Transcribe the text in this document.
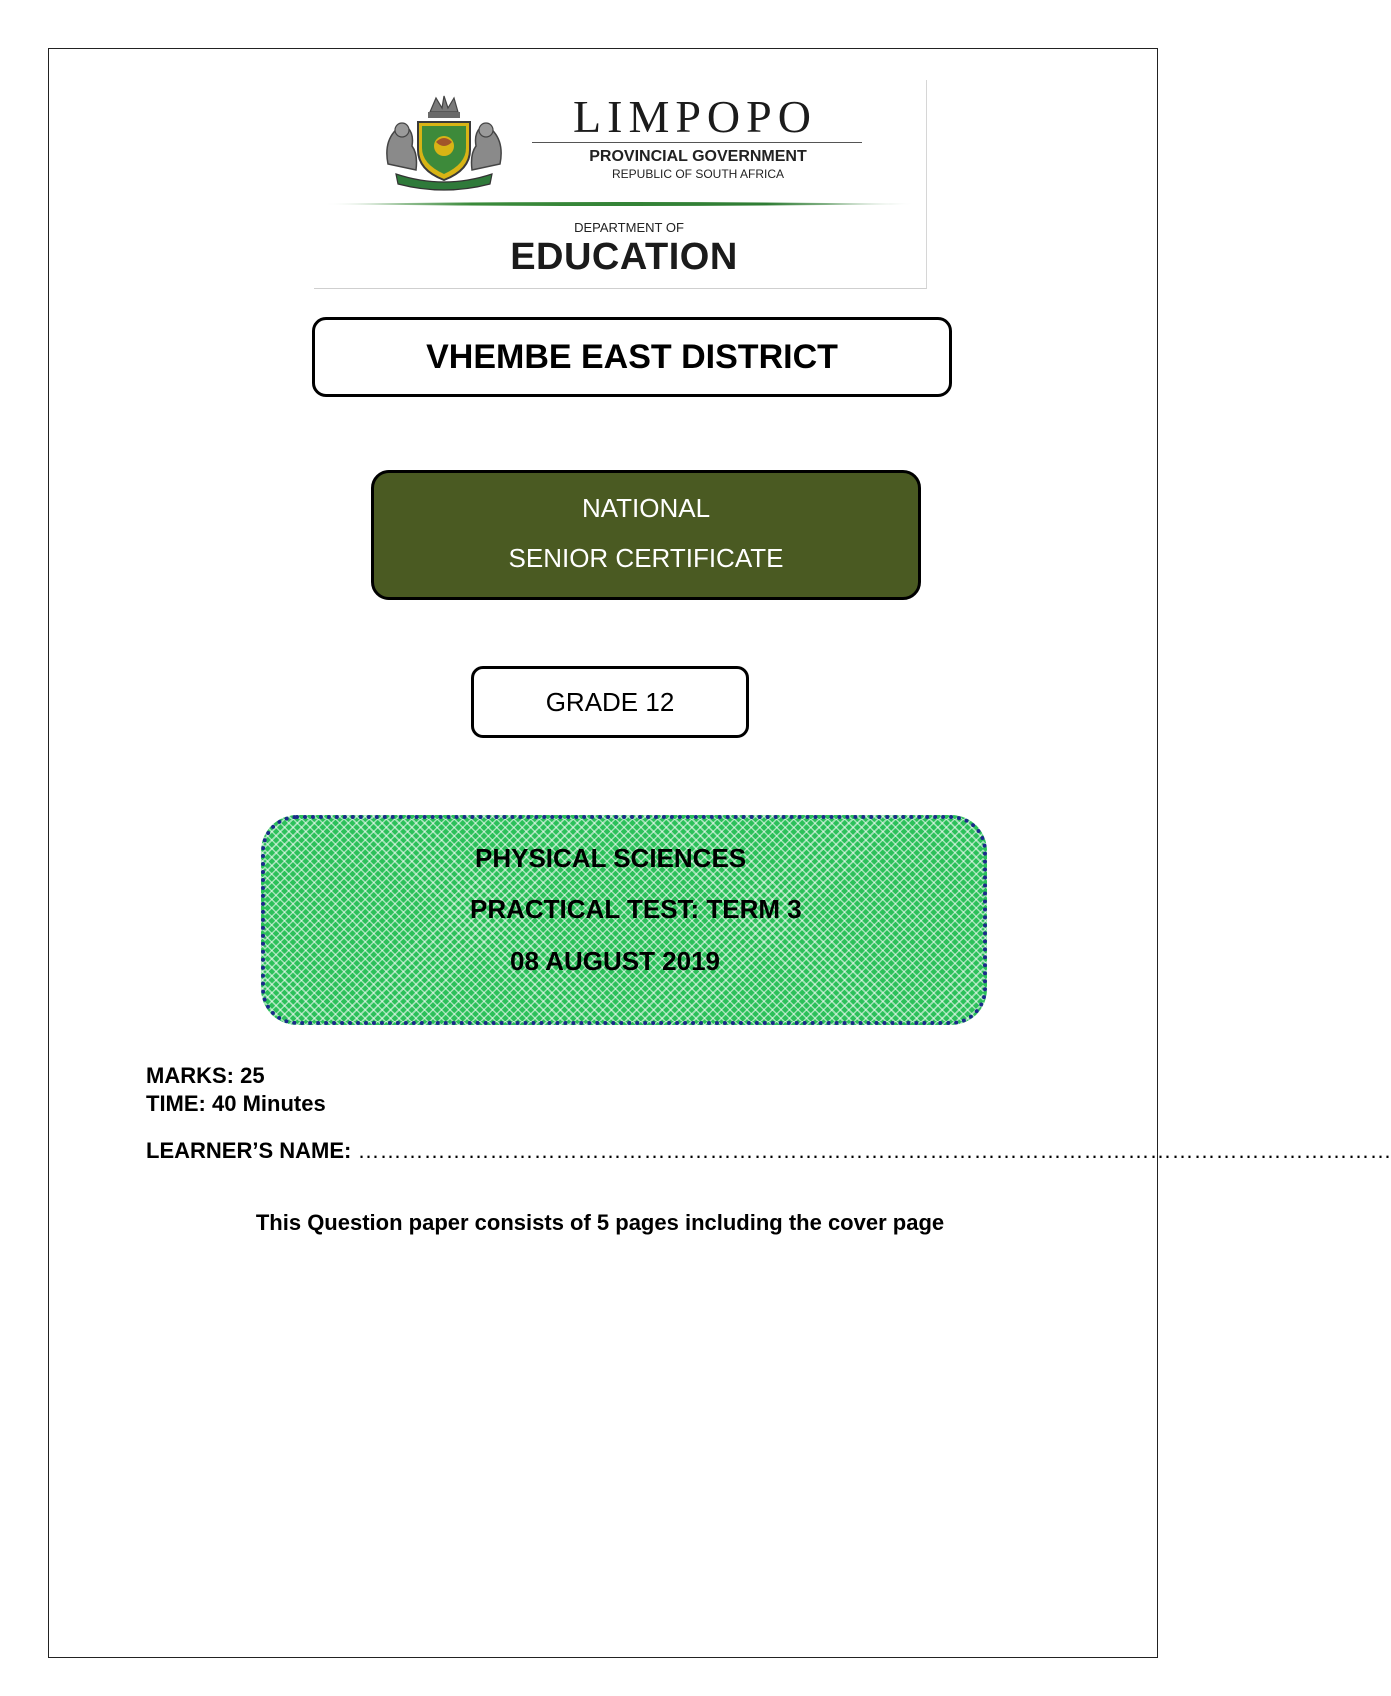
LIMPOPO
PROVINCIAL GOVERNMENT
REPUBLIC OF SOUTH AFRICA
DEPARTMENT OF
EDUCATION
VHEMBE EAST DISTRICT
NATIONAL
SENIOR CERTIFICATE
GRADE 12
PHYSICAL SCIENCES
PRACTICAL TEST: TERM 3
08 AUGUST 2019
MARKS: 25
TIME: 40 Minutes
LEARNER’S NAME: ……………………………………………………………………………………………………………………………
This Question paper consists of 5 pages including the cover page
